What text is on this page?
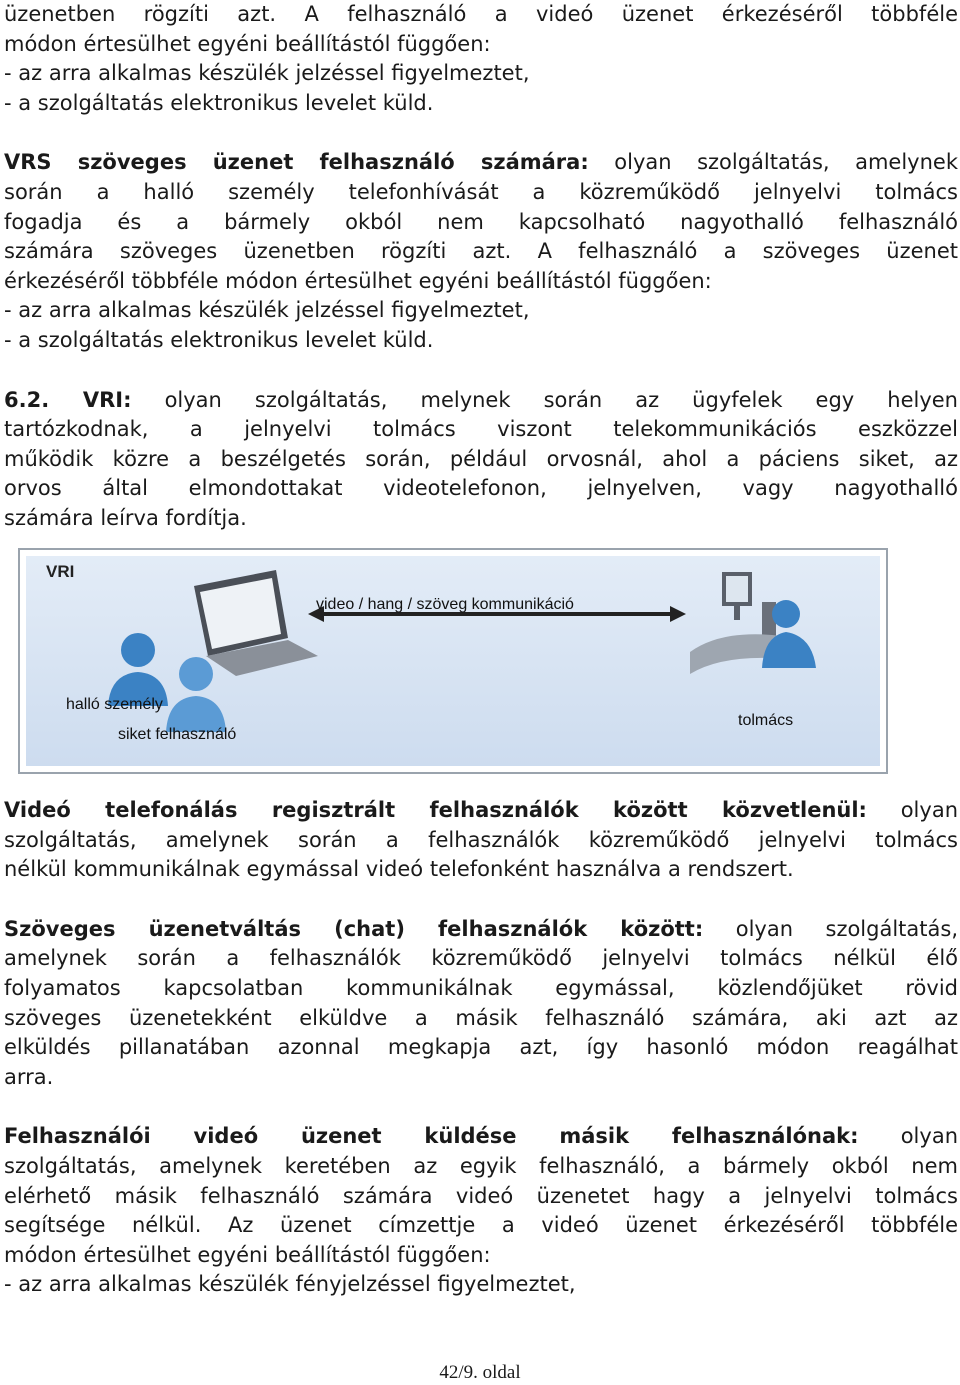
üzenetben rögzíti azt. A felhasználó a videó üzenet érkezéséről többféle
módon értesülhet egyéni beállítástól függően:
- az arra alkalmas készülék jelzéssel figyelmeztet,
- a szolgáltatás elektronikus levelet küld.
VRS szöveges üzenet felhasználó számára: olyan szolgáltatás, amelynek
során a halló személy telefonhívását a közreműködő jelnyelvi tolmács
fogadja és a bármely okból nem kapcsolható nagyothalló felhasználó
számára szöveges üzenetben rögzíti azt. A felhasználó a szöveges üzenet
érkezéséről többféle módon értesülhet egyéni beállítástól függően:
- az arra alkalmas készülék jelzéssel figyelmeztet,
- a szolgáltatás elektronikus levelet küld.
6.2. VRI: olyan szolgáltatás, melynek során az ügyfelek egy helyen
tartózkodnak, a jelnyelvi tolmács viszont telekommunikációs eszközzel
működik közre a beszélgetés során, például orvosnál, ahol a páciens siket, az
orvos által elmondottakat videotelefonon, jelnyelven, vagy nagyothalló
számára leírva fordítja.
VRI
video / hang / szöveg kommunikáció
halló személy
siket felhasználó
tolmács
Videó telefonálás regisztrált felhasználók között közvetlenül: olyan
szolgáltatás, amelynek során a felhasználók közreműködő jelnyelvi tolmács
nélkül kommunikálnak egymással videó telefonként használva a rendszert.
Szöveges üzenetváltás (chat) felhasználók között: olyan szolgáltatás,
amelynek során a felhasználók közreműködő jelnyelvi tolmács nélkül élő
folyamatos kapcsolatban kommunikálnak egymással, közlendőjüket rövid
szöveges üzenetekként elküldve a másik felhasználó számára, aki azt az
elküldés pillanatában azonnal megkapja azt, így hasonló módon reagálhat
arra.
Felhasználói videó üzenet küldése másik felhasználónak: olyan
szolgáltatás, amelynek keretében az egyik felhasználó, a bármely okból nem
elérhető másik felhasználó számára videó üzenetet hagy a jelnyelvi tolmács
segítsége nélkül. Az üzenet címzettje a videó üzenet érkezéséről többféle
módon értesülhet egyéni beállítástól függően:
- az arra alkalmas készülék fényjelzéssel figyelmeztet,
42/9. oldal
